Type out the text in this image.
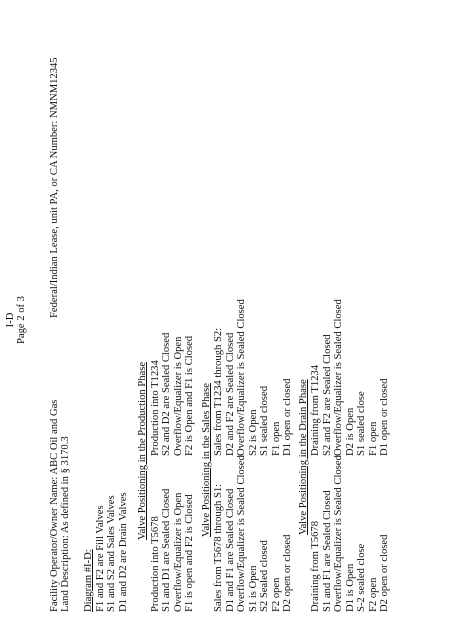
I-D Page 2 of 3
Facility Operator/Owner Name: ABC Oil and Gas
Federal/Indian Lease, unit PA, or CA Number: NMNM12345
Land Description: As defined in § 3170.3 Diagram #I-D: F1 and F2 are Fill Valves S1 and S2 and Sales Valves D1 and D2 are Drain Valves
Valve Positioning in the Production Phase
Production into T5678 S1 and D1 are Sealed Closed Overflow/Equalizer is Open F1 is open and F2 is Closed
Production into T1234 S2 and D2 are Sealed Closed Overflow/Equalizer is Open F2 is Open and F1 is Closed Valve Positioning in the Sales Phase
Sales from T5678 through S1: D1 and F1 are Sealed Closed Overflow/Equalizer is Sealed Closed S1 is Open S2 Sealed closed F2 open D2 open or closed
Sales from T1234 through S2: D2 and F2 are Sealed Closed Overflow/Equalizer is Sealed Closed S2 is Open S1 sealed closed F1 open D1 open or closed Valve Positioning in the Drain Phase
Draining from T5678 S1 and F1 are Sealed Closed Overflow/Equalizer is Sealed Closed D1 is Open S-2 sealed close F2 open D2 open or closed
Draining from T1234 S2 and F2 are Sealed Closed Overflow/Equalizer is Sealed Closed D2 is Open S1 sealed close F1 open D1 open or closed
